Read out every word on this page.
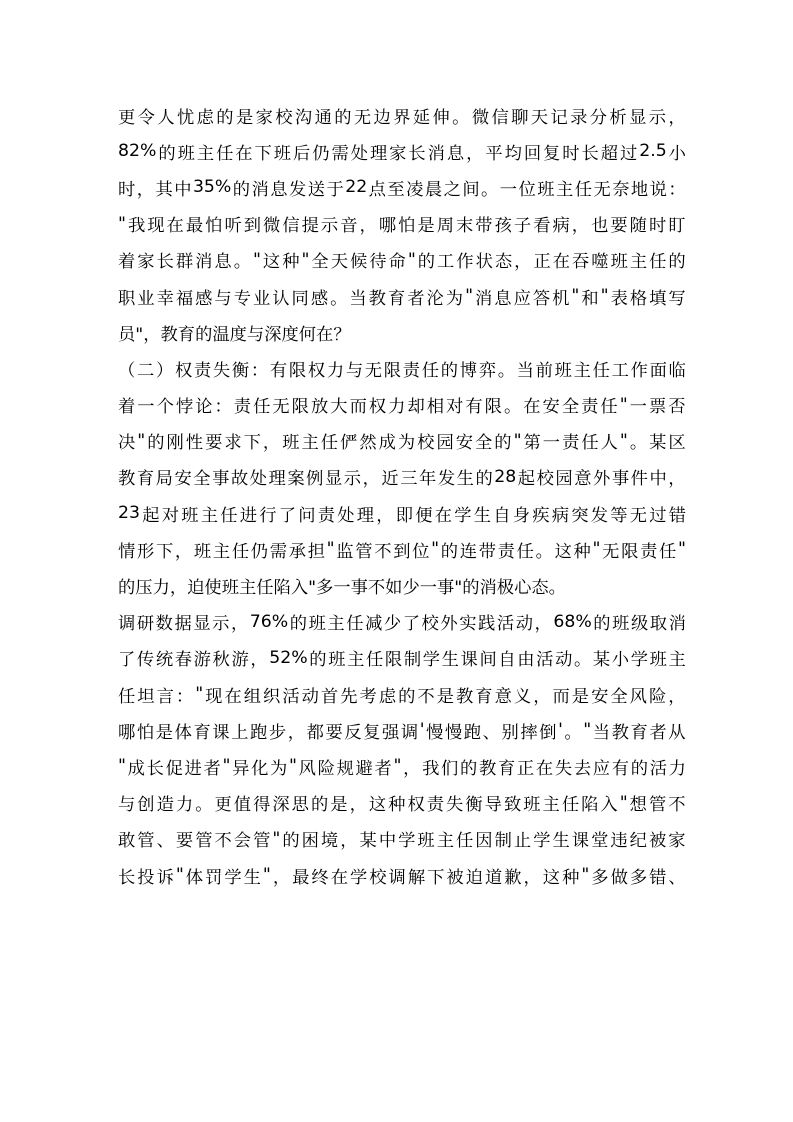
更 令 人 忧 虑 的 是 家 校 沟 通 的 无 边 界 延 伸 。 微 信 聊 天 记 录 分 析 显 示 ，
82% 的 班 主 任 在 下 班 后 仍 需 处 理 家 长 消 息 ， 平 均 回 复 时 长 超 过 2.5 小
时 ， 其 中 35% 的 消 息 发 送 于 22 点 至 凌 晨 之 间 。 一 位 班 主 任 无 奈 地 说 ：
" 我 现 在 最 怕 听 到 微 信 提 示 音 ， 哪 怕 是 周 末 带 孩 子 看 病 ， 也 要 随 时 盯
着 家 长 群 消 息 。 " 这 种 " 全 天 候 待 命 " 的 工 作 状 态 ， 正 在 吞 噬 班 主 任 的
职 业 幸 福 感 与 专 业 认 同 感 。 当 教 育 者 沦 为 " 消 息 应 答 机 " 和 " 表 格 填 写
员"，教育的温度与深度何在？
（ 二 ） 权 责 失 衡 ： 有 限 权 力 与 无 限 责 任 的 博 弈 。 当 前 班 主 任 工 作 面 临
着 一 个 悖 论 ： 责 任 无 限 放 大 而 权 力 却 相 对 有 限 。 在 安 全 责 任 " 一 票 否
决 " 的 刚 性 要 求 下 ， 班 主 任 俨 然 成 为 校 园 安 全 的 " 第 一 责 任 人 " 。 某 区
教 育 局 安 全 事 故 处 理 案 例 显 示 ， 近 三 年 发 生 的 28 起 校 园 意 外 事 件 中 ，
23 起 对 班 主 任 进 行 了 问 责 处 理 ， 即 便 在 学 生 自 身 疾 病 突 发 等 无 过 错
情 形 下 ， 班 主 任 仍 需 承 担 " 监 管 不 到 位 " 的 连 带 责 任 。 这 种 " 无 限 责 任 "
的压力，迫使班主任陷入"多一事不如少一事"的消极心态。
调 研 数 据 显 示 ， 76% 的 班 主 任 减 少 了 校 外 实 践 活 动 ， 68% 的 班 级 取 消
了 传 统 春 游 秋 游 ， 52% 的 班 主 任 限 制 学 生 课 间 自 由 活 动 。 某 小 学 班 主
任 坦 言 ： " 现 在 组 织 活 动 首 先 考 虑 的 不 是 教 育 意 义 ， 而 是 安 全 风 险 ，
哪 怕 是 体 育 课 上 跑 步 ， 都 要 反 复 强 调 ' 慢 慢 跑 、 别 摔 倒 ' 。 " 当 教 育 者 从
" 成 长 促 进 者 " 异 化 为 " 风 险 规 避 者 " ， 我 们 的 教 育 正 在 失 去 应 有 的 活 力
与 创 造 力 。 更 值 得 深 思 的 是 ， 这 种 权 责 失 衡 导 致 班 主 任 陷 入 " 想 管 不
敢 管 、 要 管 不 会 管 " 的 困 境 ， 某 中 学 班 主 任 因 制 止 学 生 课 堂 违 纪 被 家
长 投 诉 " 体 罚 学 生 " ， 最 终 在 学 校 调 解 下 被 迫 道 歉 ， 这 种 " 多 做 多 错 、
